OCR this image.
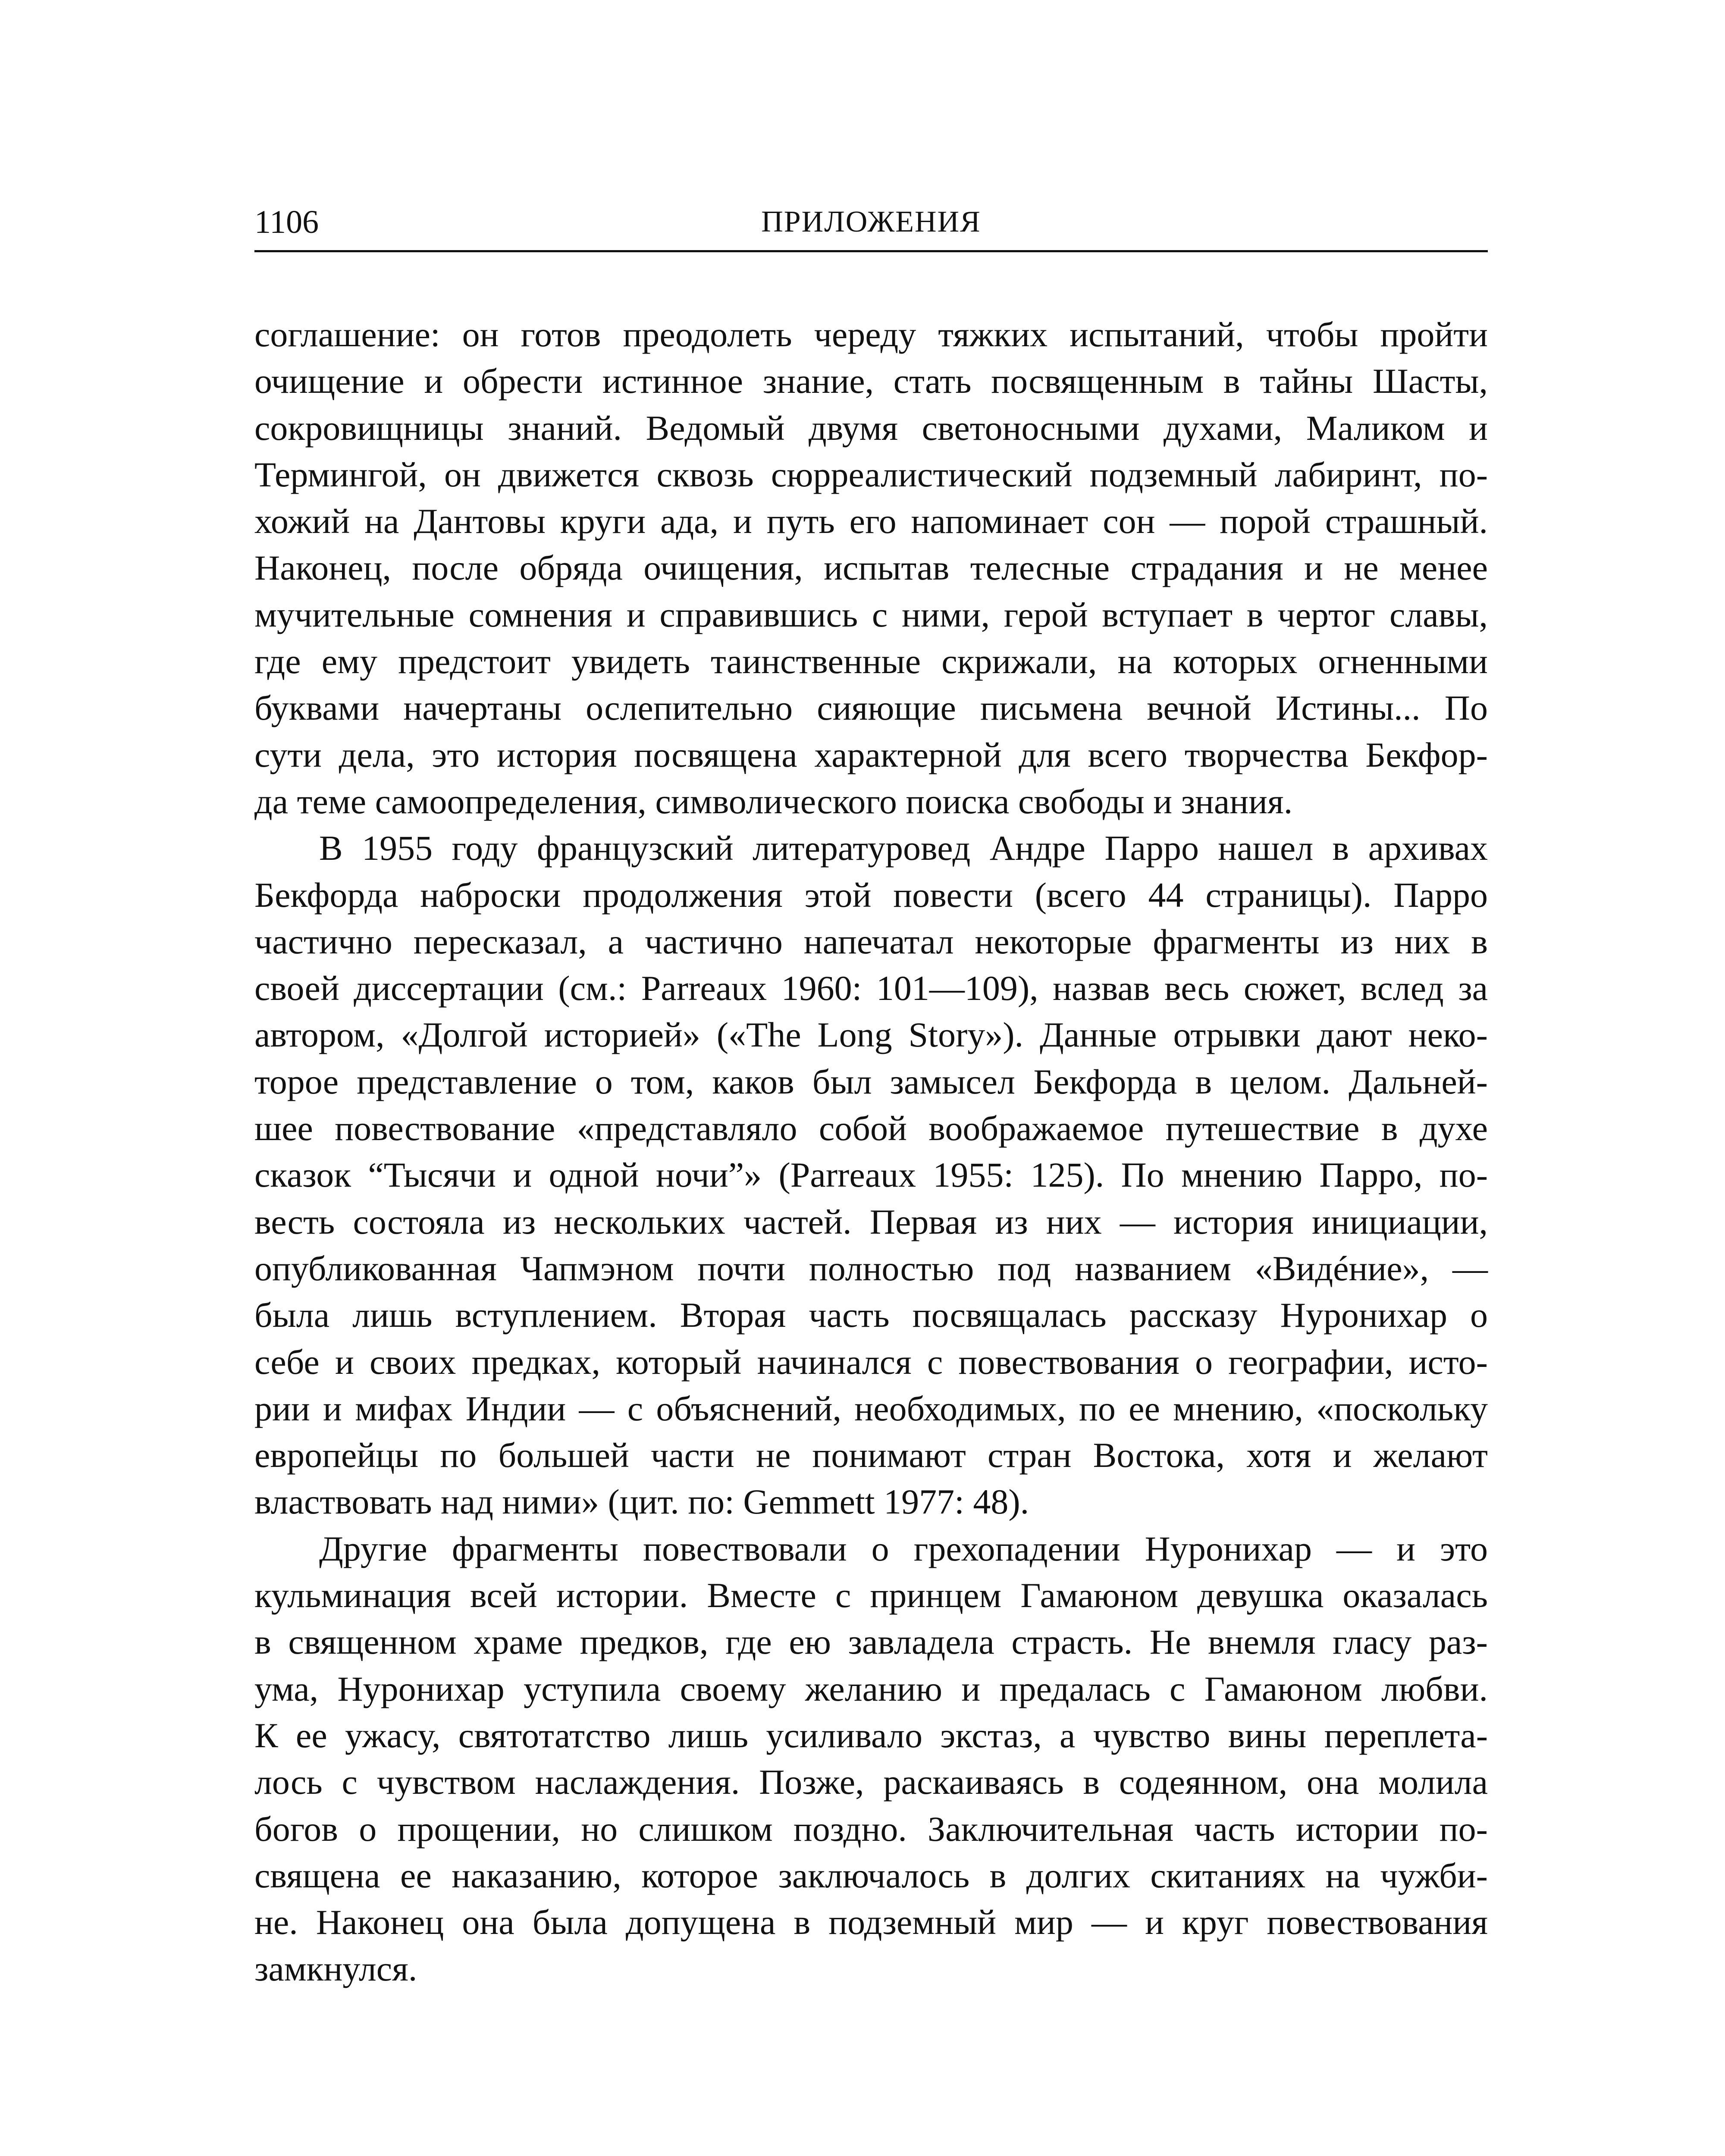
1106	ПРИЛОЖЕНИЯ
соглашение: он готов преодолеть череду тяжких испытаний, чтобы пройти
очищение и обрести истинное знание, стать посвященным в тайны Шасты,
сокровищницы знаний. Ведомый двумя светоносными духами, Маликом и
Термингой, он движется сквозь сюрреалистический подземный лабиринт, по-
хожий на Дантовы круги ада, и путь его напоминает сон — порой страшный.
Наконец, после обряда очищения, испытав телесные страдания и не менее
мучительные сомнения и справившись с ними, герой вступает в чертог славы,
где ему предстоит увидеть таинственные скрижали, на которых огненными
буквами начертаны ослепительно сияющие письмена вечной Истины... По
сути дела, это история посвящена характерной для всего творчества Бекфор-
да теме самоопределения, символического поиска свободы и знания.
В 1955 году французский литературовед Андре Парро нашел в архивах
Бекфорда наброски продолжения этой повести (всего 44 страницы). Парро
частично пересказал, а частично напечатал некоторые фрагменты из них в
своей диссертации (см.: Parreaux 1960: 101—109), назвав весь сюжет, вслед за
автором, «Долгой историей» («The Long Story»). Данные отрывки дают неко-
торое представление о том, каков был замысел Бекфорда в целом. Дальней-
шее повествование «представляло собой воображаемое путешествие в духе
сказок “Тысячи и одной ночи”» (Parreaux 1955: 125). По мнению Парро, по-
весть состояла из нескольких частей. Первая из них — история инициации,
опубликованная Чапмэном почти полностью под названием «Видéние», —
была лишь вступлением. Вторая часть посвящалась рассказу Нуронихар о
себе и своих предках, который начинался с повествования о географии, исто-
рии и мифах Индии — с объяснений, необходимых, по ее мнению, «поскольку
европейцы по большей части не понимают стран Востока, хотя и желают
властвовать над ними» (цит. по: Gemmett 1977: 48).
Другие фрагменты повествовали о грехопадении Нуронихар — и это
кульминация всей истории. Вместе с принцем Гамаюном девушка оказалась
в священном храме предков, где ею завладела страсть. Не внемля гласу раз-
ума, Нуронихар уступила своему желанию и предалась с Гамаюном любви.
К ее ужасу, святотатство лишь усиливало экстаз, а чувство вины переплета-
лось с чувством наслаждения. Позже, раскаиваясь в содеянном, она молила
богов о прощении, но слишком поздно. Заключительная часть истории по-
священа ее наказанию, которое заключалось в долгих скитаниях на чужби-
не. Наконец она была допущена в подземный мир — и круг повествования
замкнулся.
